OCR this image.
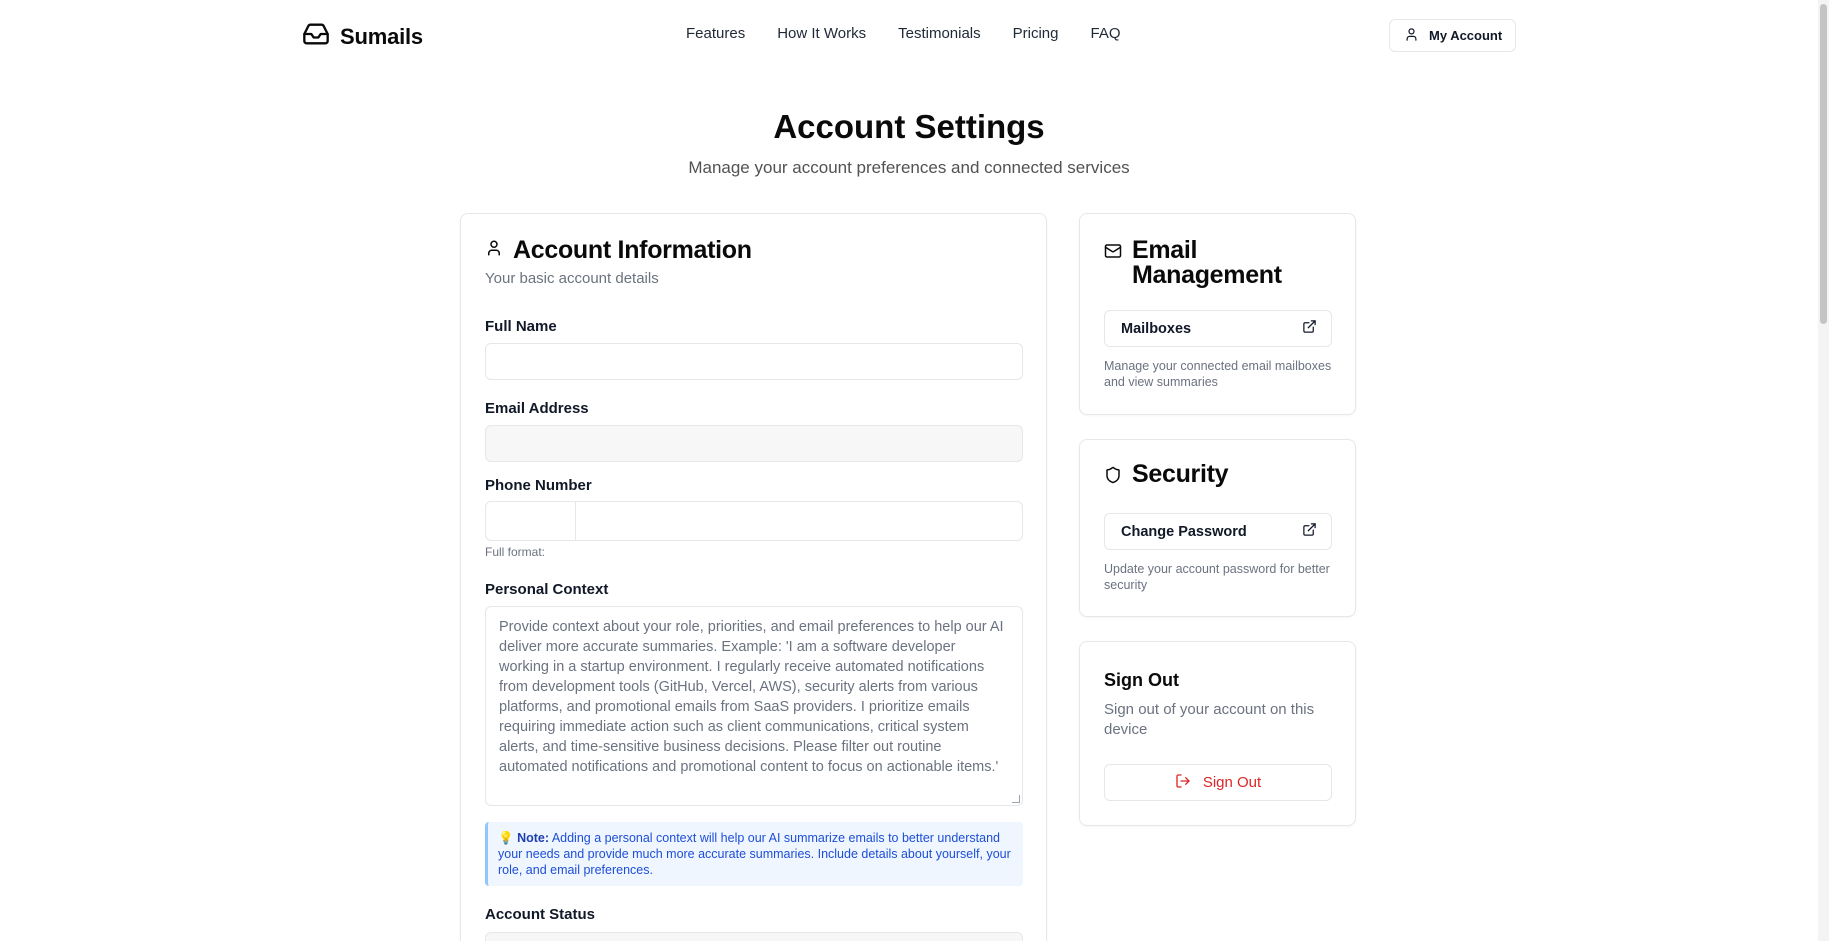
Sumails	Features How It Works Testimonials Pricing FAQ	My Account
Account Settings

Manage your account preferences and connected services

Account Information

Your basic account details

Full Name
Email Address
Phone Number

Full format:

Personal Context
Provide context about your role, priorities, and email preferences to help our AI deliver more accurate summaries. Example: 'I am a software developer working in a startup environment. I regularly receive automated notifications from development tools (GitHub, Vercel, AWS), security alerts from various platforms, and promotional emails from SaaS providers. I prioritize emails requiring immediate action such as client communications, critical system alerts, and time-sensitive business decisions. Please filter out routine automated notifications and promotional content to focus on actionable items.'
💡 Note: Adding a personal context will help our AI summarize emails to better understand your needs and provide much more accurate summaries. Include details about yourself, your role, and email preferences.
Account Status
Email Management
Mailboxes

Manage your connected email mailboxes and view summaries

Security
Change Password

Update your account password for better security

Sign Out

Sign out of your account on this device

Sign Out
